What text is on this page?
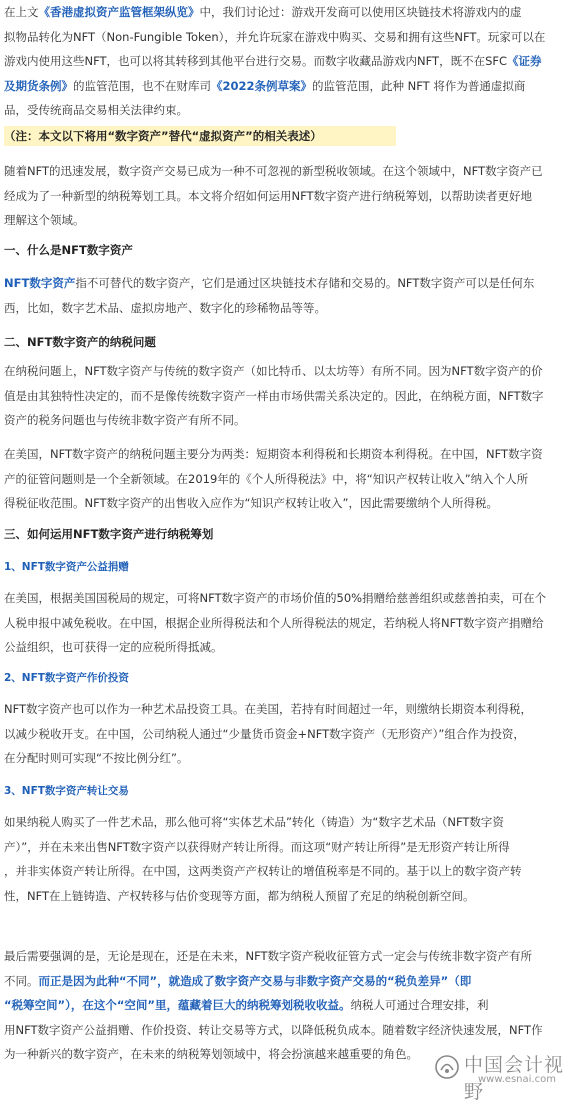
在上文《香港虚拟资产监管框架纵览》中，我们讨论过：游戏开发商可以使用区块链技术将游戏内的虚
拟物品转化为NFT（Non-Fungible Token），并允许玩家在游戏中购买、交易和拥有这些NFT。玩家可以在
游戏内使用这些NFT，也可以将其转移到其他平台进行交易。而数字收藏品游戏内NFT，既不在SFC《证券
及期货条例》的监管范围，也不在财库司《2022条例草案》的监管范围，此种 NFT 将作为普通虚拟商
品，受传统商品交易相关法律约束。
（注：本文以下将用“数字资产”替代“虚拟资产”的相关表述）
随着NFT的迅速发展，数字资产交易已成为一种不可忽视的新型税收领域。在这个领域中，NFT数字资产已
经成为了一种新型的纳税筹划工具。本文将介绍如何运用NFT数字资产进行纳税筹划，以帮助读者更好地
理解这个领域。
一、什么是NFT数字资产
NFT数字资产指不可替代的数字资产，它们是通过区块链技术存储和交易的。NFT数字资产可以是任何东
西，比如，数字艺术品、虚拟房地产、数字化的珍稀物品等等。
二、NFT数字资产的纳税问题
在纳税问题上，NFT数字资产与传统的数字资产（如比特币、以太坊等）有所不同。因为NFT数字资产的价
值是由其独特性决定的，而不是像传统数字资产一样由市场供需关系决定的。因此，在纳税方面，NFT数字
资产的税务问题也与传统非数字资产有所不同。
在美国，NFT数字资产的纳税问题主要分为两类：短期资本利得税和长期资本利得税。在中国，NFT数字资
产的征管问题则是一个全新领域。在2019年的《个人所得税法》中，将“知识产权转让收入”纳入个人所
得税征收范围。NFT数字资产的出售收入应作为“知识产权转让收入”，因此需要缴纳个人所得税。
三、如何运用NFT数字资产进行纳税筹划
1、NFT数字资产公益捐赠
在美国，根据美国国税局的规定，可将NFT数字资产的市场价值的50%捐赠给慈善组织或慈善拍卖，可在个
人税申报中减免税收。在中国，根据企业所得税法和个人所得税法的规定，若纳税人将NFT数字资产捐赠给
公益组织，也可获得一定的应税所得抵减。
2、NFT数字资产作价投资
NFT数字资产也可以作为一种艺术品投资工具。在美国，若持有时间超过一年，则缴纳长期资本利得税，
以减少税收开支。在中国，公司纳税人通过“少量货币资金+NFT数字资产（无形资产）”组合作为投资，
在分配时则可实现“不按比例分红”。
3、NFT数字资产转让交易
如果纳税人购买了一件艺术品，那么他可将“实体艺术品”转化（铸造）为“数字艺术品（NFT数字资
产）”，并在未来出售NFT数字资产以获得财产转让所得。而这项“财产转让所得”是无形资产转让所得
，并非实体资产转让所得。在中国，这两类资产产权转让的增值税率是不同的。基于以上的数字资产转
性，NFT在上链铸造、产权转移与估价变现等方面，都为纳税人预留了充足的纳税创新空间。
最后需要强调的是，无论是现在，还是在未来，NFT数字资产税收征管方式一定会与传统非数字资产有所
不同。而正是因为此种“不同”，就造成了数字资产交易与非数字资产交易的“税负差异”（即
“税筹空间”），在这个“空间”里，蕴藏着巨大的纳税筹划税收收益。纳税人可通过合理安排，利
用NFT数字资产公益捐赠、作价投资、转让交易等方式，以降低税负成本。随着数字经济快速发展，NFT作
为一种新兴的数字资产，在未来的纳税筹划领域中，将会扮演越来越重要的角色。	中国会计视野
www.esnai.com
